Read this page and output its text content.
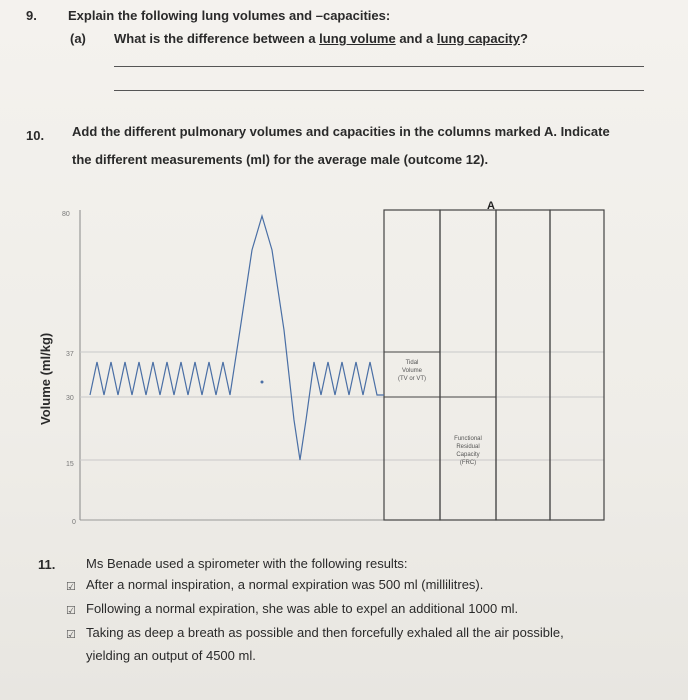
9. Explain the following lung volumes and –capacities:
(a) What is the difference between a lung volume and a lung capacity?
10. Add the different pulmonary volumes and capacities in the columns marked A. Indicate
the different measurements (ml) for the average male (outcome 12).
80
37
30
15
0
A
Tidal
Volume
(TV or VT)
Functional
Residual
Capacity
(FRC)
Volume (ml/kg)
11. Ms Benade used a spirometer with the following results:
☑ After a normal inspiration, a normal expiration was 500 ml (millilitres).
☑ Following a normal expiration, she was able to expel an additional 1000 ml.
☑ Taking as deep a breath as possible and then forcefully exhaled all the air possible,
yielding an output of 4500 ml.
